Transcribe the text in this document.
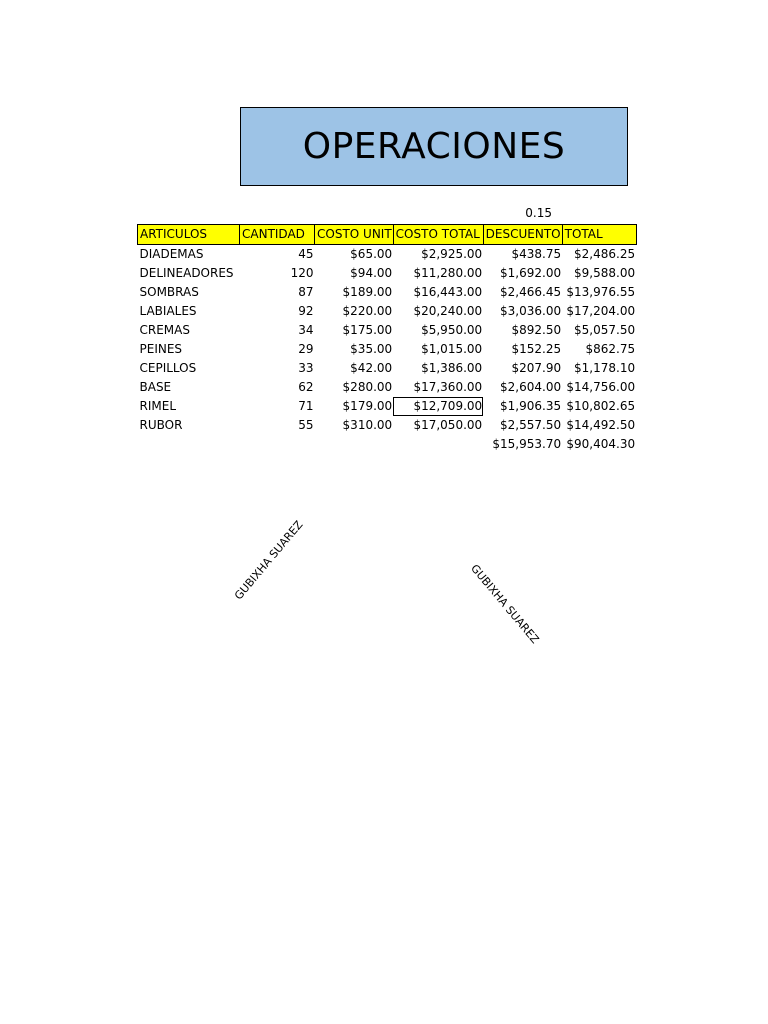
OPERACIONES
0.15
ARTICULOS	CANTIDAD	COSTO UNIT	COSTO TOTAL	DESCUENTO	TOTAL
DIADEMAS	45	$65.00	$2,925.00	$438.75	$2,486.25
DELINEADORES	120	$94.00	$11,280.00	$1,692.00	$9,588.00
SOMBRAS	87	$189.00	$16,443.00	$2,466.45	$13,976.55
LABIALES	92	$220.00	$20,240.00	$3,036.00	$17,204.00
CREMAS	34	$175.00	$5,950.00	$892.50	$5,057.50
PEINES	29	$35.00	$1,015.00	$152.25	$862.75
CEPILLOS	33	$42.00	$1,386.00	$207.90	$1,178.10
BASE	62	$280.00	$17,360.00	$2,604.00	$14,756.00
RIMEL	71	$179.00	$12,709.00	$1,906.35	$10,802.65
RUBOR	55	$310.00	$17,050.00	$2,557.50	$14,492.50
				$15,953.70	$90,404.30
GUBIXHA SUAREZ
GUBIXHA SUAREZ
